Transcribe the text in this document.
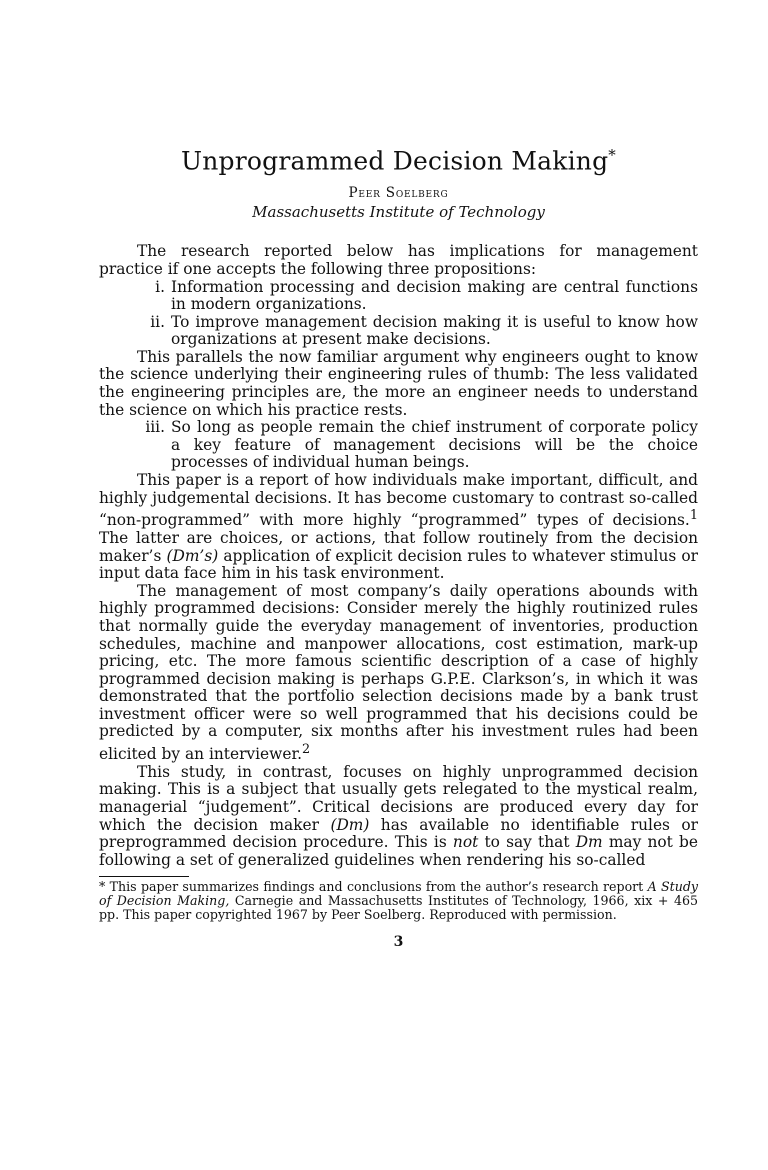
Unprogrammed Decision Making*
Peer Soelberg
Massachusetts Institute of Technology

The research reported below has implications for management practice if one accepts the following three propositions:

i. Information processing and decision making are central functions in modern organizations.
ii. To improve management decision making it is useful to know how organizations at present make decisions.

This parallels the now familiar argument why engineers ought to know the science underlying their engineering rules of thumb: The less validated the engineering principles are, the more an engineer needs to understand the science on which his practice rests.

iii. So long as people remain the chief instrument of corporate policy a key feature of management decisions will be the choice processes of individual human beings.

This paper is a report of how individuals make important, difficult, and highly judgemental decisions. It has become customary to contrast so-called “non-programmed” with more highly “programmed” types of decisions.$^1$ The latter are choices, or actions, that follow routinely from the decision maker’s (Dm’s) application of explicit decision rules to whatever stimulus or input data face him in his task environment.

The management of most company’s daily operations abounds with highly programmed decisions: Consider merely the highly routinized rules that normally guide the everyday management of inventories, production schedules, machine and manpower allocations, cost estimation, mark-up pricing, etc. The more famous scientific description of a case of highly programmed decision making is perhaps G.P.E. Clarkson’s, in which it was demonstrated that the portfolio selection decisions made by a bank trust investment officer were so well programmed that his decisions could be predicted by a computer, six months after his investment rules had been elicited by an interviewer.$^2$

This study, in contrast, focuses on highly unprogrammed decision making. This is a subject that usually gets relegated to the mystical realm, managerial “judgement”. Critical decisions are produced every day for which the decision maker (Dm) has available no identifiable rules or preprogrammed decision procedure. This is not to say that Dm may not be following a set of generalized guidelines when rendering his so-called

* This paper summarizes findings and conclusions from the author’s research report A Study of Decision Making, Carnegie and Massachusetts Institutes of Technology, 1966, xix + 465 pp. This paper copyrighted 1967 by Peer Soelberg. Reproduced with permission.
3
